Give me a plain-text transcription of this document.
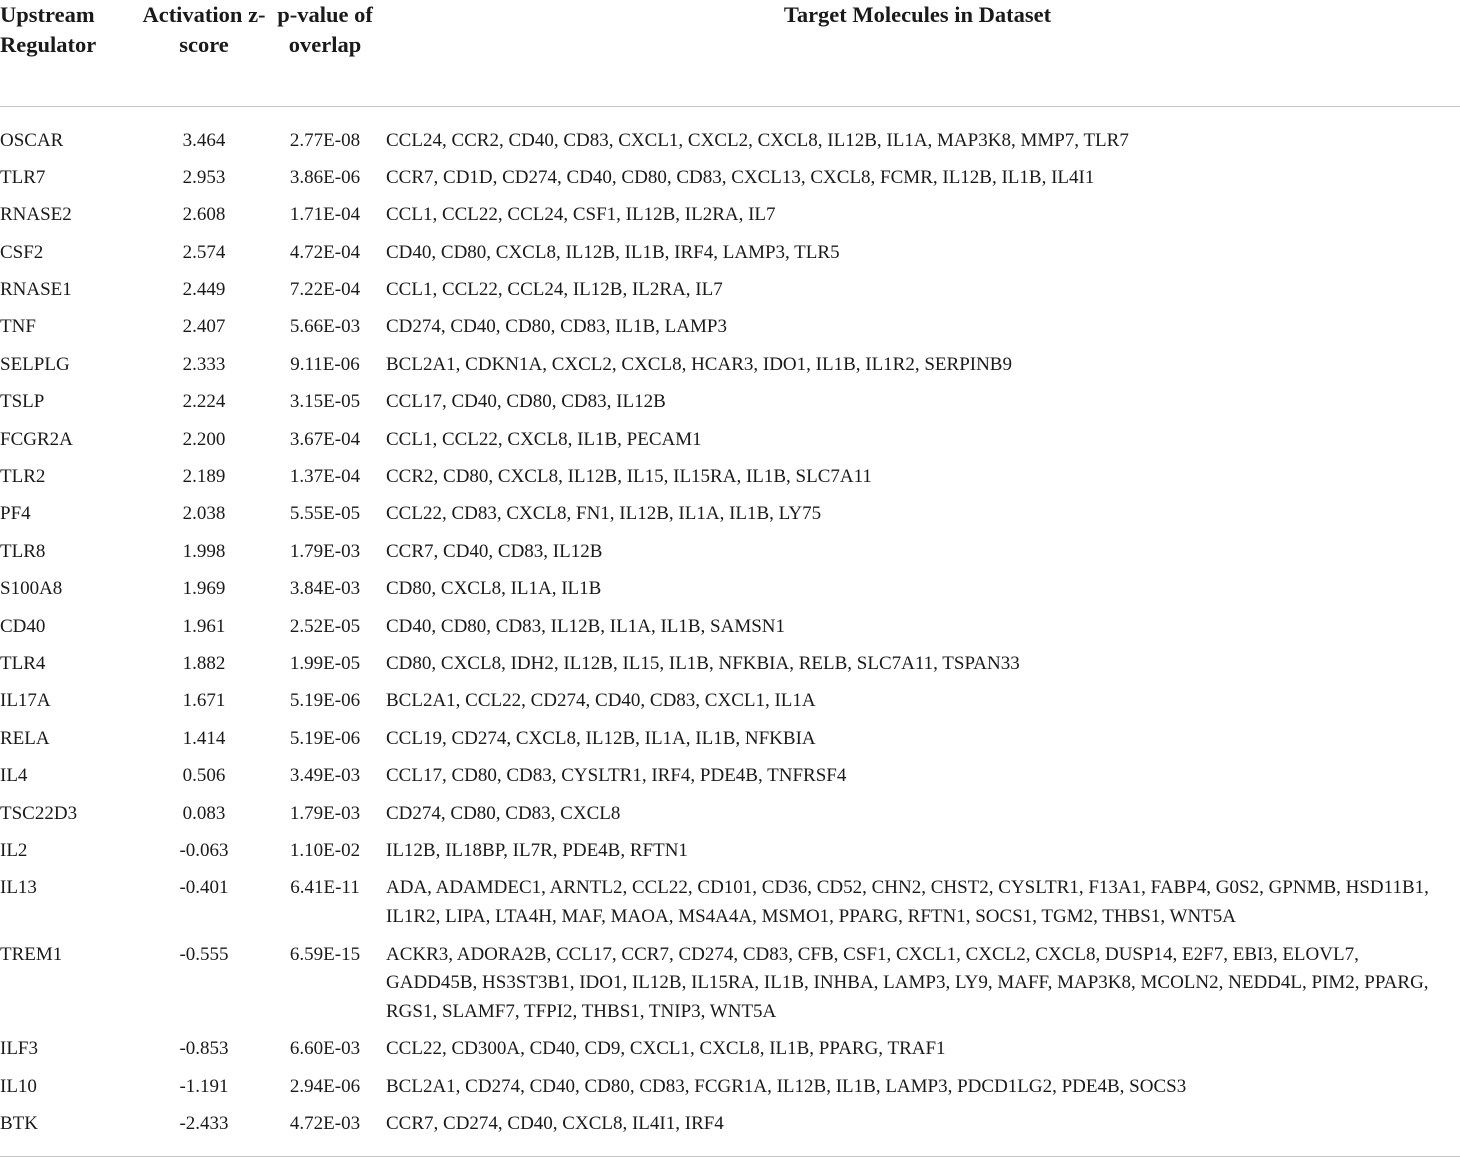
Upstream Regulator	Activation z-score	p-value of overlap	Target Molecules in Dataset
OSCAR	3.464	2.77E-08	CCL24, CCR2, CD40, CD83, CXCL1, CXCL2, CXCL8, IL12B, IL1A, MAP3K8, MMP7, TLR7
TLR7	2.953	3.86E-06	CCR7, CD1D, CD274, CD40, CD80, CD83, CXCL13, CXCL8, FCMR, IL12B, IL1B, IL4I1
RNASE2	2.608	1.71E-04	CCL1, CCL22, CCL24, CSF1, IL12B, IL2RA, IL7
CSF2	2.574	4.72E-04	CD40, CD80, CXCL8, IL12B, IL1B, IRF4, LAMP3, TLR5
RNASE1	2.449	7.22E-04	CCL1, CCL22, CCL24, IL12B, IL2RA, IL7
TNF	2.407	5.66E-03	CD274, CD40, CD80, CD83, IL1B, LAMP3
SELPLG	2.333	9.11E-06	BCL2A1, CDKN1A, CXCL2, CXCL8, HCAR3, IDO1, IL1B, IL1R2, SERPINB9
TSLP	2.224	3.15E-05	CCL17, CD40, CD80, CD83, IL12B
FCGR2A	2.200	3.67E-04	CCL1, CCL22, CXCL8, IL1B, PECAM1
TLR2	2.189	1.37E-04	CCR2, CD80, CXCL8, IL12B, IL15, IL15RA, IL1B, SLC7A11
PF4	2.038	5.55E-05	CCL22, CD83, CXCL8, FN1, IL12B, IL1A, IL1B, LY75
TLR8	1.998	1.79E-03	CCR7, CD40, CD83, IL12B
S100A8	1.969	3.84E-03	CD80, CXCL8, IL1A, IL1B
CD40	1.961	2.52E-05	CD40, CD80, CD83, IL12B, IL1A, IL1B, SAMSN1
TLR4	1.882	1.99E-05	CD80, CXCL8, IDH2, IL12B, IL15, IL1B, NFKBIA, RELB, SLC7A11, TSPAN33
IL17A	1.671	5.19E-06	BCL2A1, CCL22, CD274, CD40, CD83, CXCL1, IL1A
RELA	1.414	5.19E-06	CCL19, CD274, CXCL8, IL12B, IL1A, IL1B, NFKBIA
IL4	0.506	3.49E-03	CCL17, CD80, CD83, CYSLTR1, IRF4, PDE4B, TNFRSF4
TSC22D3	0.083	1.79E-03	CD274, CD80, CD83, CXCL8
IL2	-0.063	1.10E-02	IL12B, IL18BP, IL7R, PDE4B, RFTN1
IL13	-0.401	6.41E-11	ADA, ADAMDEC1, ARNTL2, CCL22, CD101, CD36, CD52, CHN2, CHST2, CYSLTR1, F13A1, FABP4, G0S2, GPNMB, HSD11B1, IL1R2, LIPA, LTA4H, MAF, MAOA, MS4A4A, MSMO1, PPARG, RFTN1, SOCS1, TGM2, THBS1, WNT5A
TREM1	-0.555	6.59E-15	ACKR3, ADORA2B, CCL17, CCR7, CD274, CD83, CFB, CSF1, CXCL1, CXCL2, CXCL8, DUSP14, E2F7, EBI3, ELOVL7, GADD45B, HS3ST3B1, IDO1, IL12B, IL15RA, IL1B, INHBA, LAMP3, LY9, MAFF, MAP3K8, MCOLN2, NEDD4L, PIM2, PPARG, RGS1, SLAMF7, TFPI2, THBS1, TNIP3, WNT5A
ILF3	-0.853	6.60E-03	CCL22, CD300A, CD40, CD9, CXCL1, CXCL8, IL1B, PPARG, TRAF1
IL10	-1.191	2.94E-06	BCL2A1, CD274, CD40, CD80, CD83, FCGR1A, IL12B, IL1B, LAMP3, PDCD1LG2, PDE4B, SOCS3
BTK	-2.433	4.72E-03	CCR7, CD274, CD40, CXCL8, IL4I1, IRF4
